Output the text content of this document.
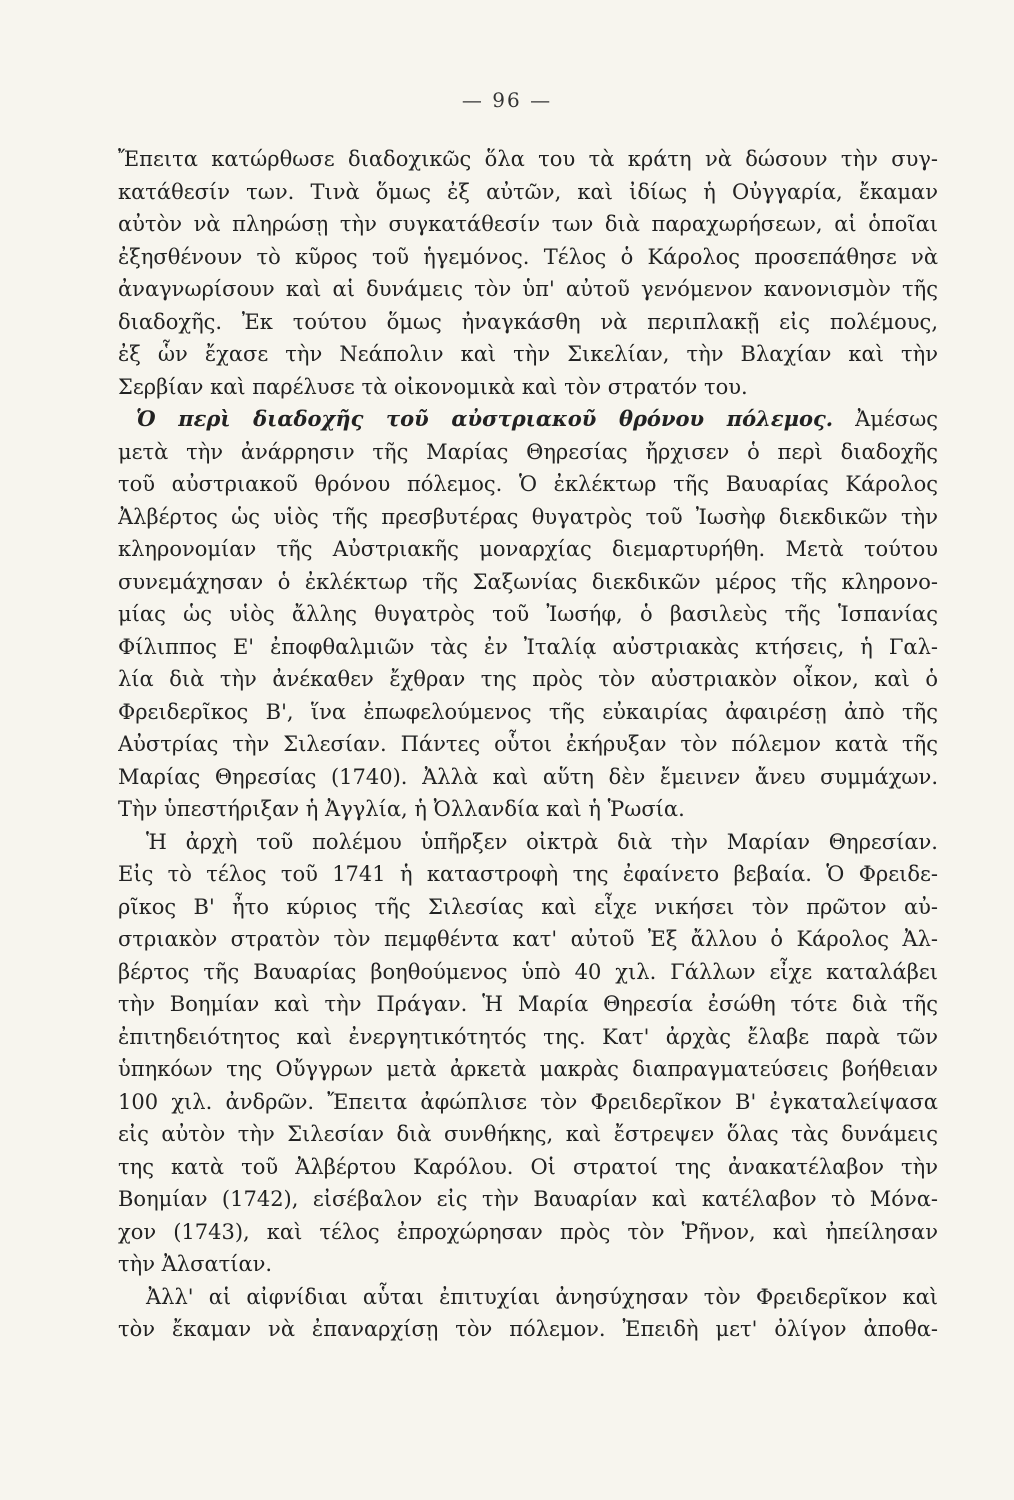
— 96 —
Ἔπειτα κατώρθωσε διαδοχικῶς ὅλα του τὰ κράτη νὰ δώσουν τὴν συγ-
κατάθεσίν των. Τινὰ ὅμως ἐξ αὐτῶν, καὶ ἰδίως ἡ Οὐγγαρία, ἔκαμαν
αὐτὸν νὰ πληρώσῃ τὴν συγκατάθεσίν των διὰ παραχωρήσεων, αἱ ὁποῖαι
ἐξησθένουν τὸ κῦρος τοῦ ἡγεμόνος. Τέλος ὁ Κάρολος προσεπάθησε νὰ
ἀναγνωρίσουν καὶ αἱ δυνάμεις τὸν ὑπ' αὐτοῦ γενόμενον κανονισμὸν τῆς
διαδοχῆς. Ἐκ τούτου ὅμως ἠναγκάσθη νὰ περιπλακῇ εἰς πολέμους,
ἐξ ὧν ἔχασε τὴν Νεάπολιν καὶ τὴν Σικελίαν, τὴν Βλαχίαν καὶ τὴν
Σερβίαν καὶ παρέλυσε τὰ οἰκονομικὰ καὶ τὸν στρατόν του.
Ὁ περὶ διαδοχῆς τοῦ αὐστριακοῦ θρόνου πόλεμος. Ἀμέσως
μετὰ τὴν ἀνάρρησιν τῆς Μαρίας Θηρεσίας ἤρχισεν ὁ περὶ διαδοχῆς
τοῦ αὐστριακοῦ θρόνου πόλεμος. Ὁ ἐκλέκτωρ τῆς Βαυαρίας Κάρολος
Ἀλβέρτος ὡς υἱὸς τῆς πρεσβυτέρας θυγατρὸς τοῦ Ἰωσὴφ διεκδικῶν τὴν
κληρονομίαν τῆς Αὐστριακῆς μοναρχίας διεμαρτυρήθη. Μετὰ τούτου
συνεμάχησαν ὁ ἐκλέκτωρ τῆς Σαξωνίας διεκδικῶν μέρος τῆς κληρονο-
μίας ὡς υἱὸς ἄλλης θυγατρὸς τοῦ Ἰωσήφ, ὁ βασιλεὺς τῆς Ἱσπανίας
Φίλιππος Ε' ἐποφθαλμιῶν τὰς ἐν Ἰταλίᾳ αὐστριακὰς κτήσεις, ἡ Γαλ-
λία διὰ τὴν ἀνέκαθεν ἔχθραν της πρὸς τὸν αὐστριακὸν οἶκον, καὶ ὁ
Φρειδερῖκος Β', ἵνα ἐπωφελούμενος τῆς εὐκαιρίας ἀφαιρέσῃ ἀπὸ τῆς
Αὐστρίας τὴν Σιλεσίαν. Πάντες οὗτοι ἐκήρυξαν τὸν πόλεμον κατὰ τῆς
Μαρίας Θηρεσίας (1740). Ἀλλὰ καὶ αὕτη δὲν ἔμεινεν ἄνευ συμμάχων.
Τὴν ὑπεστήριξαν ἡ Ἀγγλία, ἡ Ὀλλανδία καὶ ἡ Ῥωσία.
Ἡ ἀρχὴ τοῦ πολέμου ὑπῆρξεν οἰκτρὰ διὰ τὴν Μαρίαν Θηρεσίαν.
Εἰς τὸ τέλος τοῦ 1741 ἡ καταστροφὴ της ἐφαίνετο βεβαία. Ὁ Φρειδε-
ρῖκος Β' ἦτο κύριος τῆς Σιλεσίας καὶ εἶχε νικήσει τὸν πρῶτον αὐ-
στριακὸν στρατὸν τὸν πεμφθέντα κατ' αὐτοῦ Ἐξ ἄλλου ὁ Κάρολος Ἀλ-
βέρτος τῆς Βαυαρίας βοηθούμενος ὑπὸ 40 χιλ. Γάλλων εἶχε καταλάβει
τὴν Βοημίαν καὶ τὴν Πράγαν. Ἡ Μαρία Θηρεσία ἐσώθη τότε διὰ τῆς
ἐπιτηδειότητος καὶ ἐνεργητικότητός της. Κατ' ἀρχὰς ἔλαβε παρὰ τῶν
ὑπηκόων της Οὔγγρων μετὰ ἀρκετὰ μακρὰς διαπραγματεύσεις βοήθειαν
100 χιλ. ἀνδρῶν. Ἔπειτα ἀφώπλισε τὸν Φρειδερῖκον Β' ἐγκαταλείψασα
εἰς αὐτὸν τὴν Σιλεσίαν διὰ συνθήκης, καὶ ἔστρεψεν ὅλας τὰς δυνάμεις
της κατὰ τοῦ Ἀλβέρτου Καρόλου. Οἱ στρατοί της ἀνακατέλαβον τὴν
Βοημίαν (1742), εἰσέβαλον εἰς τὴν Βαυαρίαν καὶ κατέλαβον τὸ Μόνα-
χον (1743), καὶ τέλος ἐπροχώρησαν πρὸς τὸν Ῥῆνον, καὶ ἠπείλησαν
τὴν Ἀλσατίαν.
Ἀλλ' αἱ αἰφνίδιαι αὗται ἐπιτυχίαι ἀνησύχησαν τὸν Φρειδερῖκον καὶ
τὸν ἔκαμαν νὰ ἐπαναρχίσῃ τὸν πόλεμον. Ἐπειδὴ μετ' ὀλίγον ἀποθα-
